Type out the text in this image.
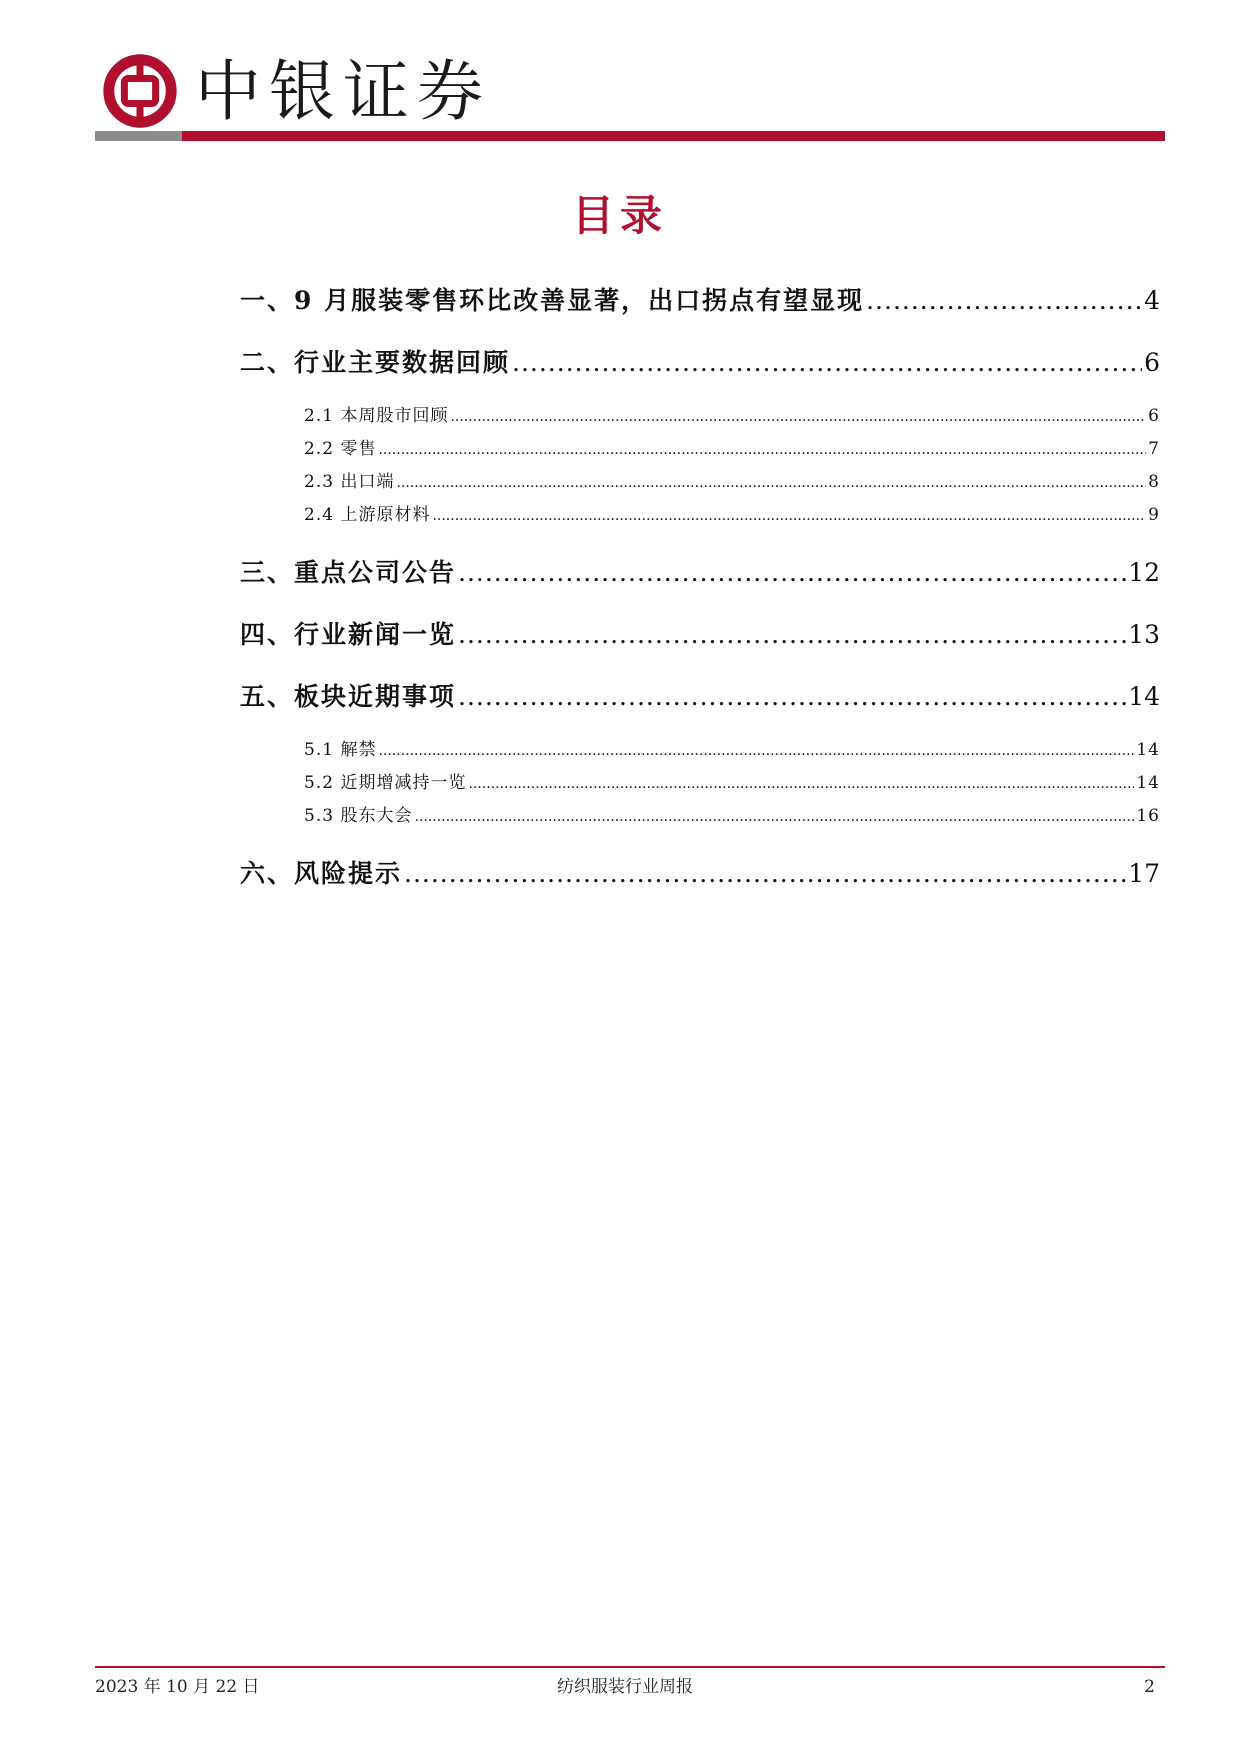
中银证券
目录
一、9 月服装零售环比改善显著，出口拐点有望显现 .....	4
二、行业主要数据回顾 .....	6
2.1 本周股市回顾 .....	6
2.2 零售 .....	7
2.3 出口端 .....	8
2.4 上游原材料 .....	9
三、重点公司公告 .....	12
四、行业新闻一览 .....	13
五、板块近期事项 .....	14
5.1 解禁 .....	14
5.2 近期增减持一览 .....	14
5.3 股东大会 .....	16
六、风险提示 .....	17
纺织服装行业周报
2023 年 10 月 22 日	2
